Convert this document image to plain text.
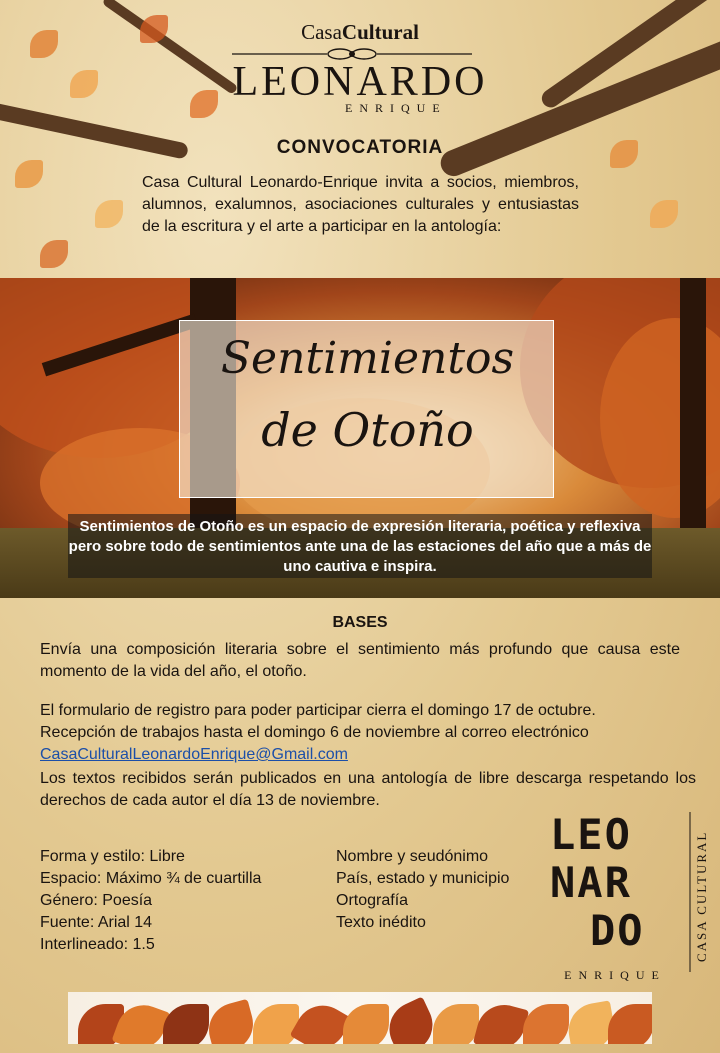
CasaCultural
LEONARDO
ENRIQUE
CONVOCATORIA
Casa Cultural Leonardo-Enrique invita a socios, miembros, alumnos, exalumnos, asociaciones culturales y entusiastas de la escritura y el arte a participar en la antología:
Sentimientos
de Otoño
Sentimientos de Otoño es un espacio de expresión literaria, poética y reflexiva pero sobre todo de sentimientos ante una de las estaciones del año que a más de uno cautiva e inspira.
BASES
Envía una composición literaria sobre el sentimiento más profundo que causa este momento de la vida del año, el otoño.
El formulario de registro para poder participar cierra el domingo 17 de octubre.
Recepción de trabajos hasta el domingo 6 de noviembre al correo electrónico
CasaCulturalLeonardoEnrique@Gmail.com
Los textos recibidos serán publicados en una antología de libre descarga respetando los derechos de cada autor el día 13 de noviembre.
Forma y estilo: Libre
Espacio: Máximo ¾ de cuartilla
Género: Poesía
Fuente: Arial 14
Interlineado: 1.5
Nombre y seudónimo
País, estado y municipio
Ortografía
Texto inédito
LEO
NAR
DO	CASA CULTURAL
ENRIQUE
